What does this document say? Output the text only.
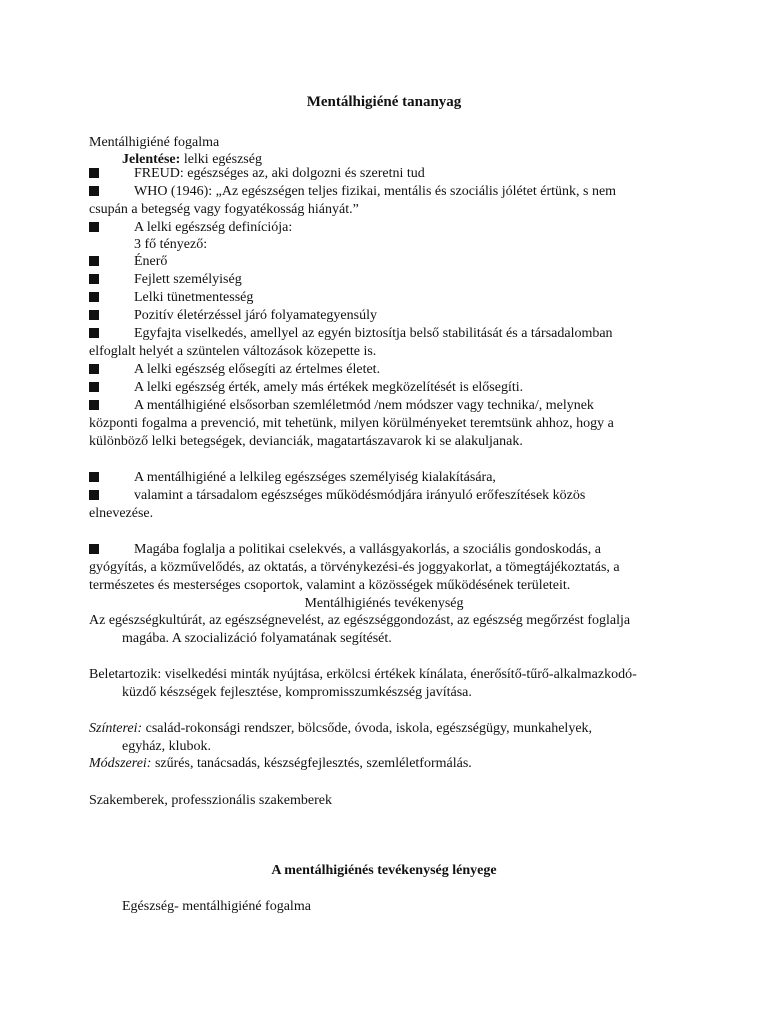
Mentálhigiéné tananyag
Mentálhigiéné fogalma
Jelentése: lelki egészség
FREUD: egészséges az, aki dolgozni és szeretni tud
WHO (1946): „Az egészségen teljes fizikai, mentális és szociális jólétet értünk, s nem
csupán a betegség vagy fogyatékosság hiányát.”
A lelki egészség definíciója:
3 fő tényező:
Énerő
Fejlett személyiség
Lelki tünetmentesség
Pozitív életérzéssel járó folyamategyensúly
Egyfajta viselkedés, amellyel az egyén biztosítja belső stabilitását és a társadalomban
elfoglalt helyét a szüntelen változások közepette is.
A lelki egészség elősegíti az értelmes életet.
A lelki egészség érték, amely más értékek megközelítését is elősegíti.
A mentálhigiéné elsősorban szemléletmód /nem módszer vagy technika/, melynek
központi fogalma a prevenció, mit tehetünk, milyen körülményeket teremtsünk ahhoz, hogy a
különböző lelki betegségek, devianciák, magatartászavarok ki se alakuljanak.
A mentálhigiéné a lelkileg egészséges személyiség kialakítására,
valamint a társadalom egészséges működésmódjára irányuló erőfeszítések közös
elnevezése.
Magába foglalja a politikai cselekvés, a vallásgyakorlás, a szociális gondoskodás, a
gyógyítás, a közművelődés, az oktatás, a törvénykezési-és joggyakorlat, a tömegtájékoztatás, a
természetes és mesterséges csoportok, valamint a közösségek működésének területeit.
Mentálhigiénés tevékenység
Az egészségkultúrát, az egészségnevelést, az egészséggondozást, az egészség megőrzést foglalja
magába. A szocializáció folyamatának segítését.
Beletartozik: viselkedési minták nyújtása, erkölcsi értékek kínálata, énerősítő-tűrő-alkalmazkodó-
küzdő készségek fejlesztése, kompromisszumkészség javítása.
Színterei: család-rokonsági rendszer, bölcsőde, óvoda, iskola, egészségügy, munkahelyek,
egyház, klubok.
Módszerei: szűrés, tanácsadás, készségfejlesztés, szemléletformálás.
Szakemberek, professzionális szakemberek
A mentálhigiénés tevékenység lényege
Egészség- mentálhigiéné fogalma
